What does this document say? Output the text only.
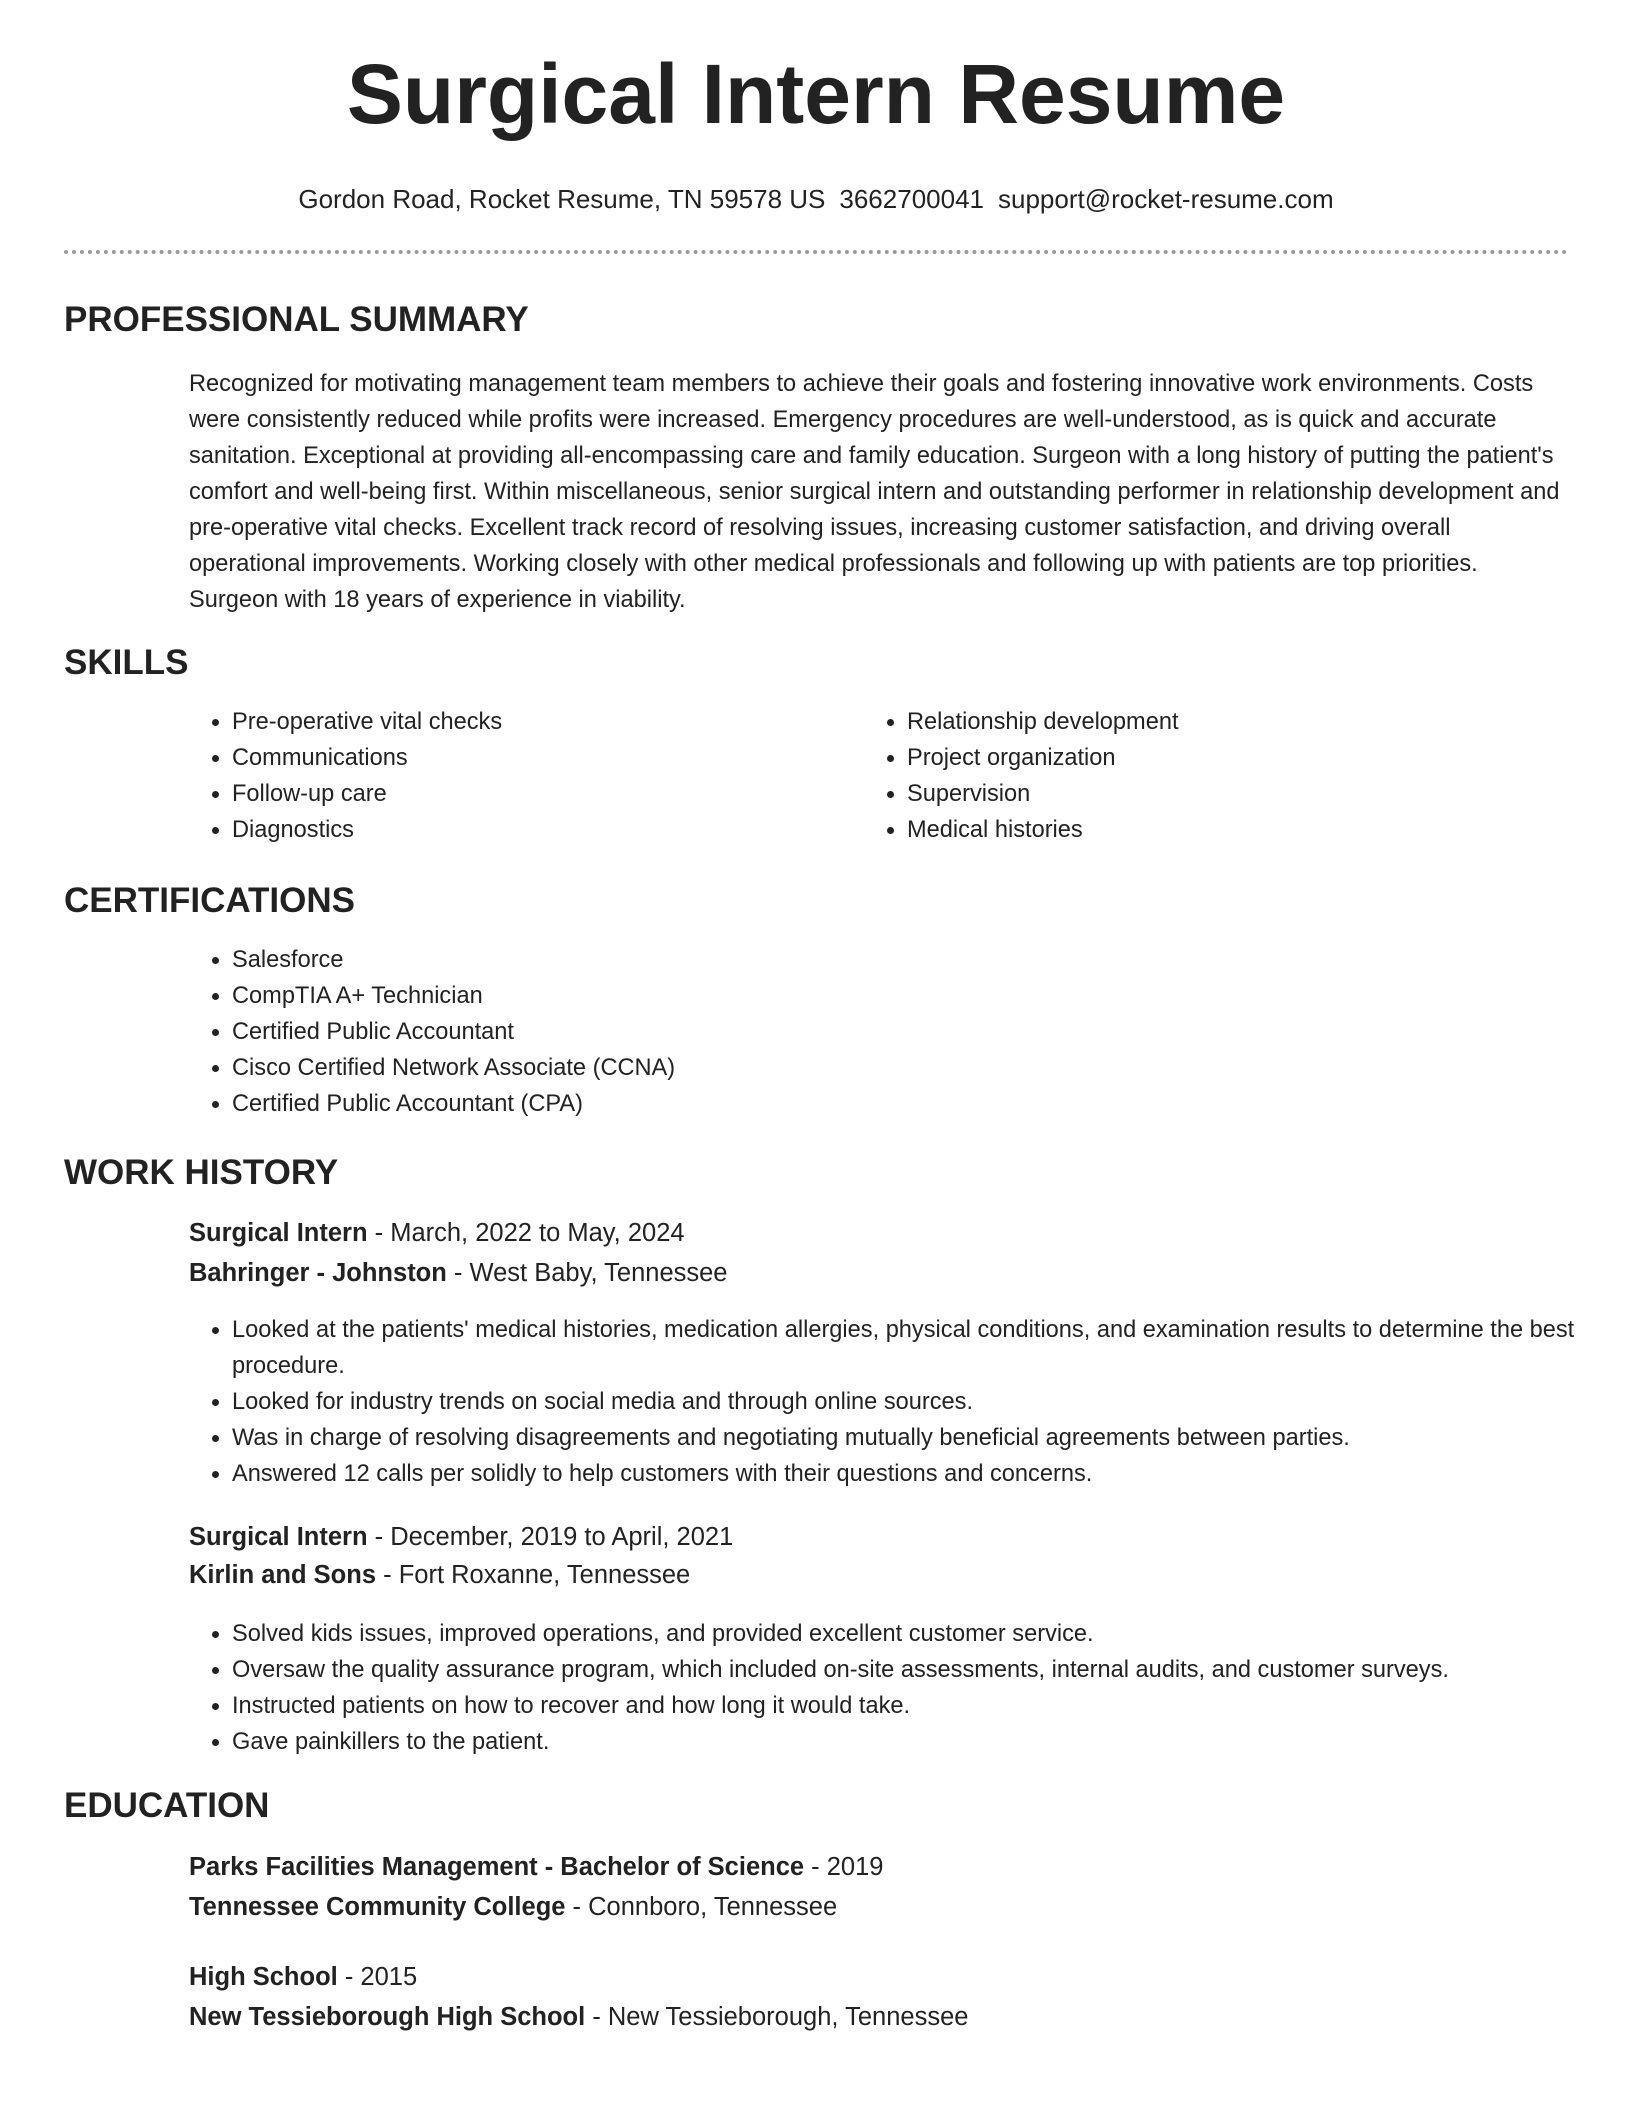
Surgical Intern Resume
Gordon Road, Rocket Resume, TN 59578 US 3662700041 support@rocket-resume.com
PROFESSIONAL SUMMARY

Recognized for motivating management team members to achieve their goals and fostering innovative work environments. Costs were consistently reduced while profits were increased. Emergency procedures are well-understood, as is quick and accurate sanitation. Exceptional at providing all-encompassing care and family education. Surgeon with a long history of putting the patient's comfort and well-being first. Within miscellaneous, senior surgical intern and outstanding performer in relationship development and pre-operative vital checks. Excellent track record of resolving issues, increasing customer satisfaction, and driving overall operational improvements. Working closely with other medical professionals and following up with patients are top priorities. Surgeon with 18 years of experience in viability.

SKILLS
• Pre-operative vital checks
• Communications
• Follow-up care
• Diagnostics
• Relationship development
• Project organization
• Supervision
• Medical histories
CERTIFICATIONS
• Salesforce
• CompTIA A+ Technician
• Certified Public Accountant
• Cisco Certified Network Associate (CCNA)
• Certified Public Accountant (CPA)
WORK HISTORY
Surgical Intern - March, 2022 to May, 2024
Bahringer - Johnston - West Baby, Tennessee
• Looked at the patients' medical histories, medication allergies, physical conditions, and examination results to determine the best procedure.
• Looked for industry trends on social media and through online sources.
• Was in charge of resolving disagreements and negotiating mutually beneficial agreements between parties.
• Answered 12 calls per solidly to help customers with their questions and concerns.
Surgical Intern - December, 2019 to April, 2021
Kirlin and Sons - Fort Roxanne, Tennessee
• Solved kids issues, improved operations, and provided excellent customer service.
• Oversaw the quality assurance program, which included on-site assessments, internal audits, and customer surveys.
• Instructed patients on how to recover and how long it would take.
• Gave painkillers to the patient.
EDUCATION
Parks Facilities Management - Bachelor of Science - 2019
Tennessee Community College - Connboro, Tennessee
High School - 2015
New Tessieborough High School - New Tessieborough, Tennessee
